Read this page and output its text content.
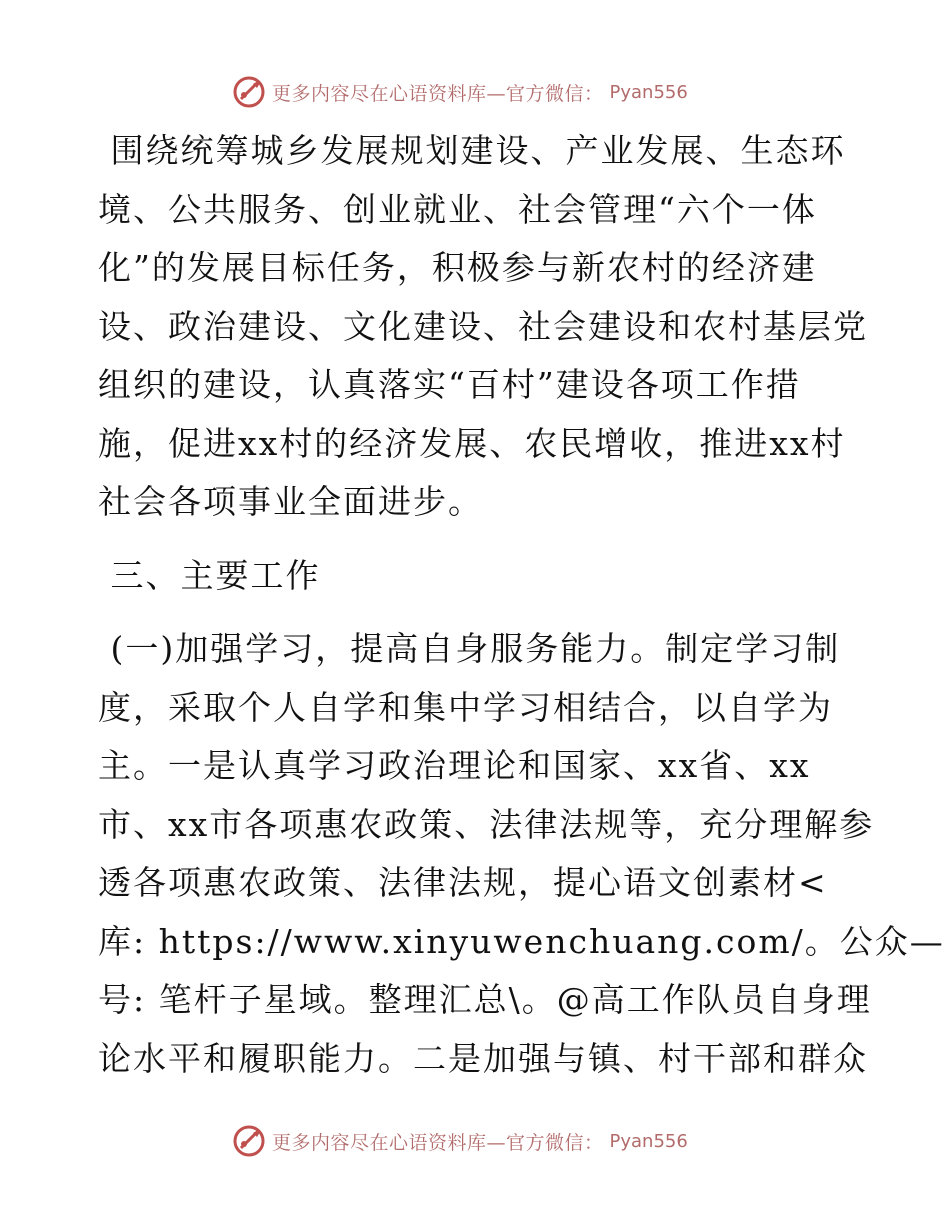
更多内容尽在心语资料库—官方微信： Pyan556
围绕统筹城乡发展规划建设、产业发展、生态环
境、公共服务、创业就业、社会管理“六个一体
化”的发展目标任务，积极参与新农村的经济建
设、政治建设、文化建设、社会建设和农村基层党
组织的建设，认真落实“百村”建设各项工作措
施，促进xx村的经济发展、农民增收，推进xx村
社会各项事业全面进步。
三、主要工作
(一)加强学习，提高自身服务能力。制定学习制
度，采取个人自学和集中学习相结合，以自学为
主。一是认真学习政治理论和国家、xx省、xx
市、xx市各项惠农政策、法律法规等，充分理解参
透各项惠农政策、法律法规，提心语文创素材<
库: https://www.xinyuwenchuang.com/。公众—
号: 笔杆子星域。整理汇总\。@高工作队员自身理
论水平和履职能力。二是加强与镇、村干部和群众
更多内容尽在心语资料库—官方微信： Pyan556
